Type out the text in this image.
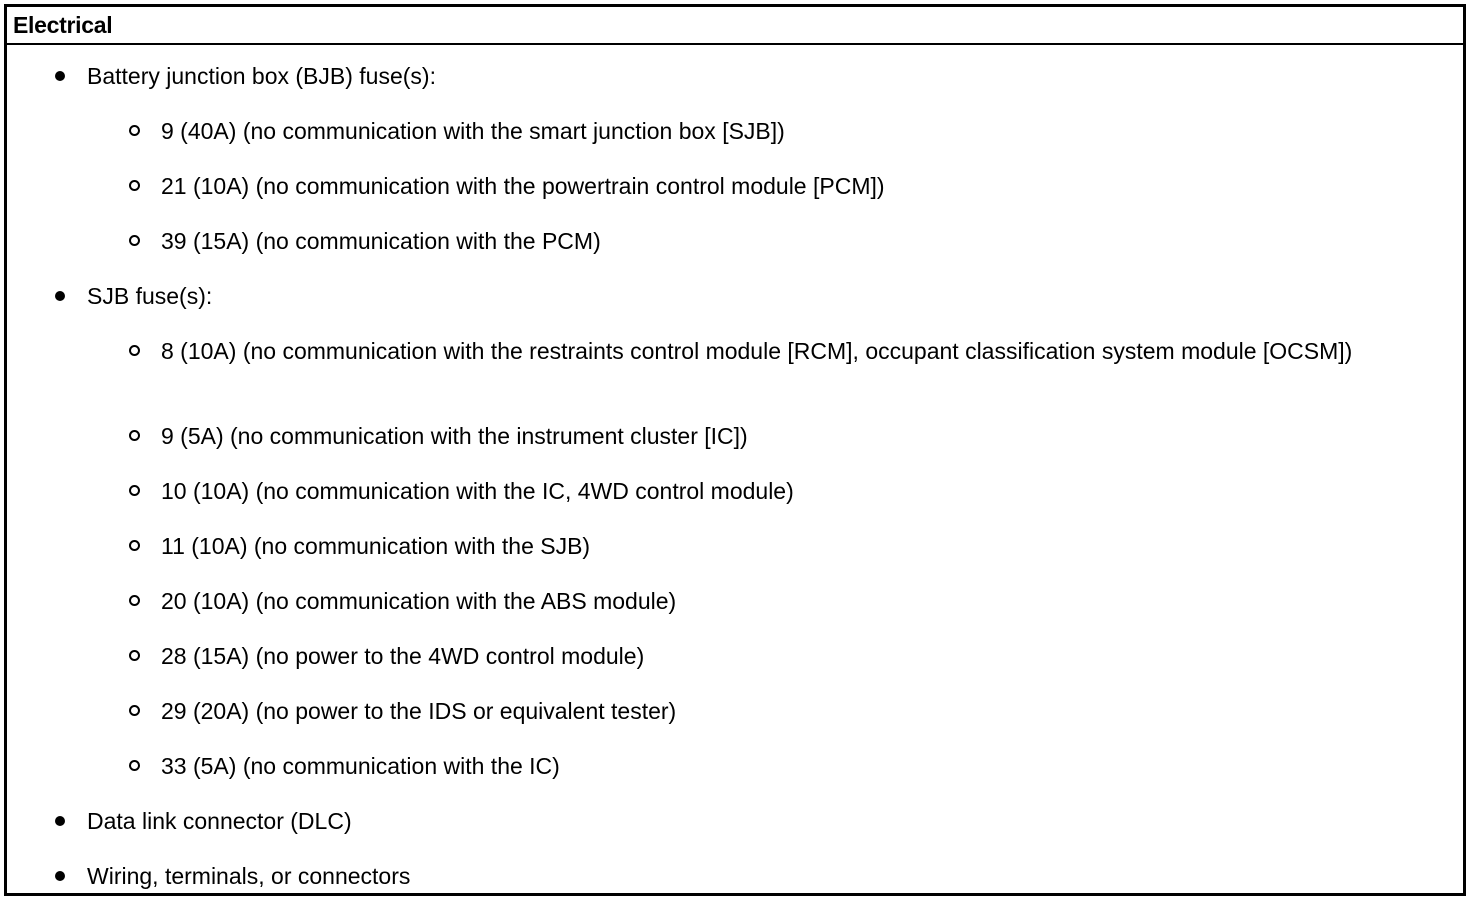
Electrical
Battery junction box (BJB) fuse(s):
9 (40A) (no communication with the smart junction box [SJB])
21 (10A) (no communication with the powertrain control module [PCM])
39 (15A) (no communication with the PCM)
SJB fuse(s):
8 (10A) (no communication with the restraints control module [RCM], occupant classification system module [OCSM])
9 (5A) (no communication with the instrument cluster [IC])
10 (10A) (no communication with the IC, 4WD control module)
11 (10A) (no communication with the SJB)
20 (10A) (no communication with the ABS module)
28 (15A) (no power to the 4WD control module)
29 (20A) (no power to the IDS or equivalent tester)
33 (5A) (no communication with the IC)
Data link connector (DLC)
Wiring, terminals, or connectors
